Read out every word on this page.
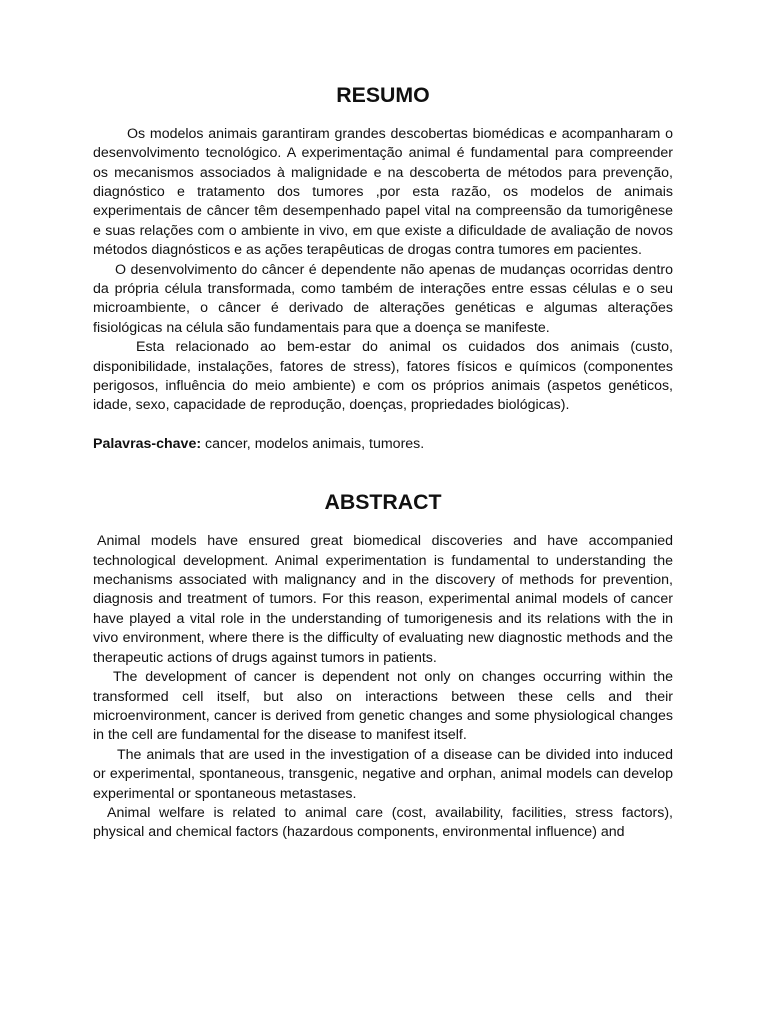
RESUMO

Os modelos animais garantiram grandes descobertas biomédicas e acompanharam o desenvolvimento tecnológico. A experimentação animal é fundamental para compreender os mecanismos associados à malignidade e na descoberta de métodos para prevenção, diagnóstico e tratamento dos tumores ,por esta razão, os modelos de animais experimentais de câncer têm desempenhado papel vital na compreensão da tumorigênese e suas relações com o ambiente in vivo, em que existe a dificuldade de avaliação de novos métodos diagnósticos e as ações terapêuticas de drogas contra tumores em pacientes.

O desenvolvimento do câncer é dependente não apenas de mudanças ocorridas dentro da própria célula transformada, como também de interações entre essas células e o seu microambiente, o câncer é derivado de alterações genéticas e algumas alterações fisiológicas na célula são fundamentais para que a doença se manifeste.

Esta relacionado ao bem-estar do animal os cuidados dos animais (custo, disponibilidade, instalações, fatores de stress), fatores físicos e químicos (componentes perigosos, influência do meio ambiente) e com os próprios animais (aspetos genéticos, idade, sexo, capacidade de reprodução, doenças, propriedades biológicas).

Palavras-chave: cancer, modelos animais, tumores.

ABSTRACT

Animal models have ensured great biomedical discoveries and have accompanied technological development. Animal experimentation is fundamental to understanding the mechanisms associated with malignancy and in the discovery of methods for prevention, diagnosis and treatment of tumors. For this reason, experimental animal models of cancer have played a vital role in the understanding of tumorigenesis and its relations with the in vivo environment, where there is the difficulty of evaluating new diagnostic methods and the therapeutic actions of drugs against tumors in patients.

The development of cancer is dependent not only on changes occurring within the transformed cell itself, but also on interactions between these cells and their microenvironment, cancer is derived from genetic changes and some physiological changes in the cell are fundamental for the disease to manifest itself.

The animals that are used in the investigation of a disease can be divided into induced or experimental, spontaneous, transgenic, negative and orphan, animal models can develop experimental or spontaneous metastases.

Animal welfare is related to animal care (cost, availability, facilities, stress factors), physical and chemical factors (hazardous components, environmental influence) and
